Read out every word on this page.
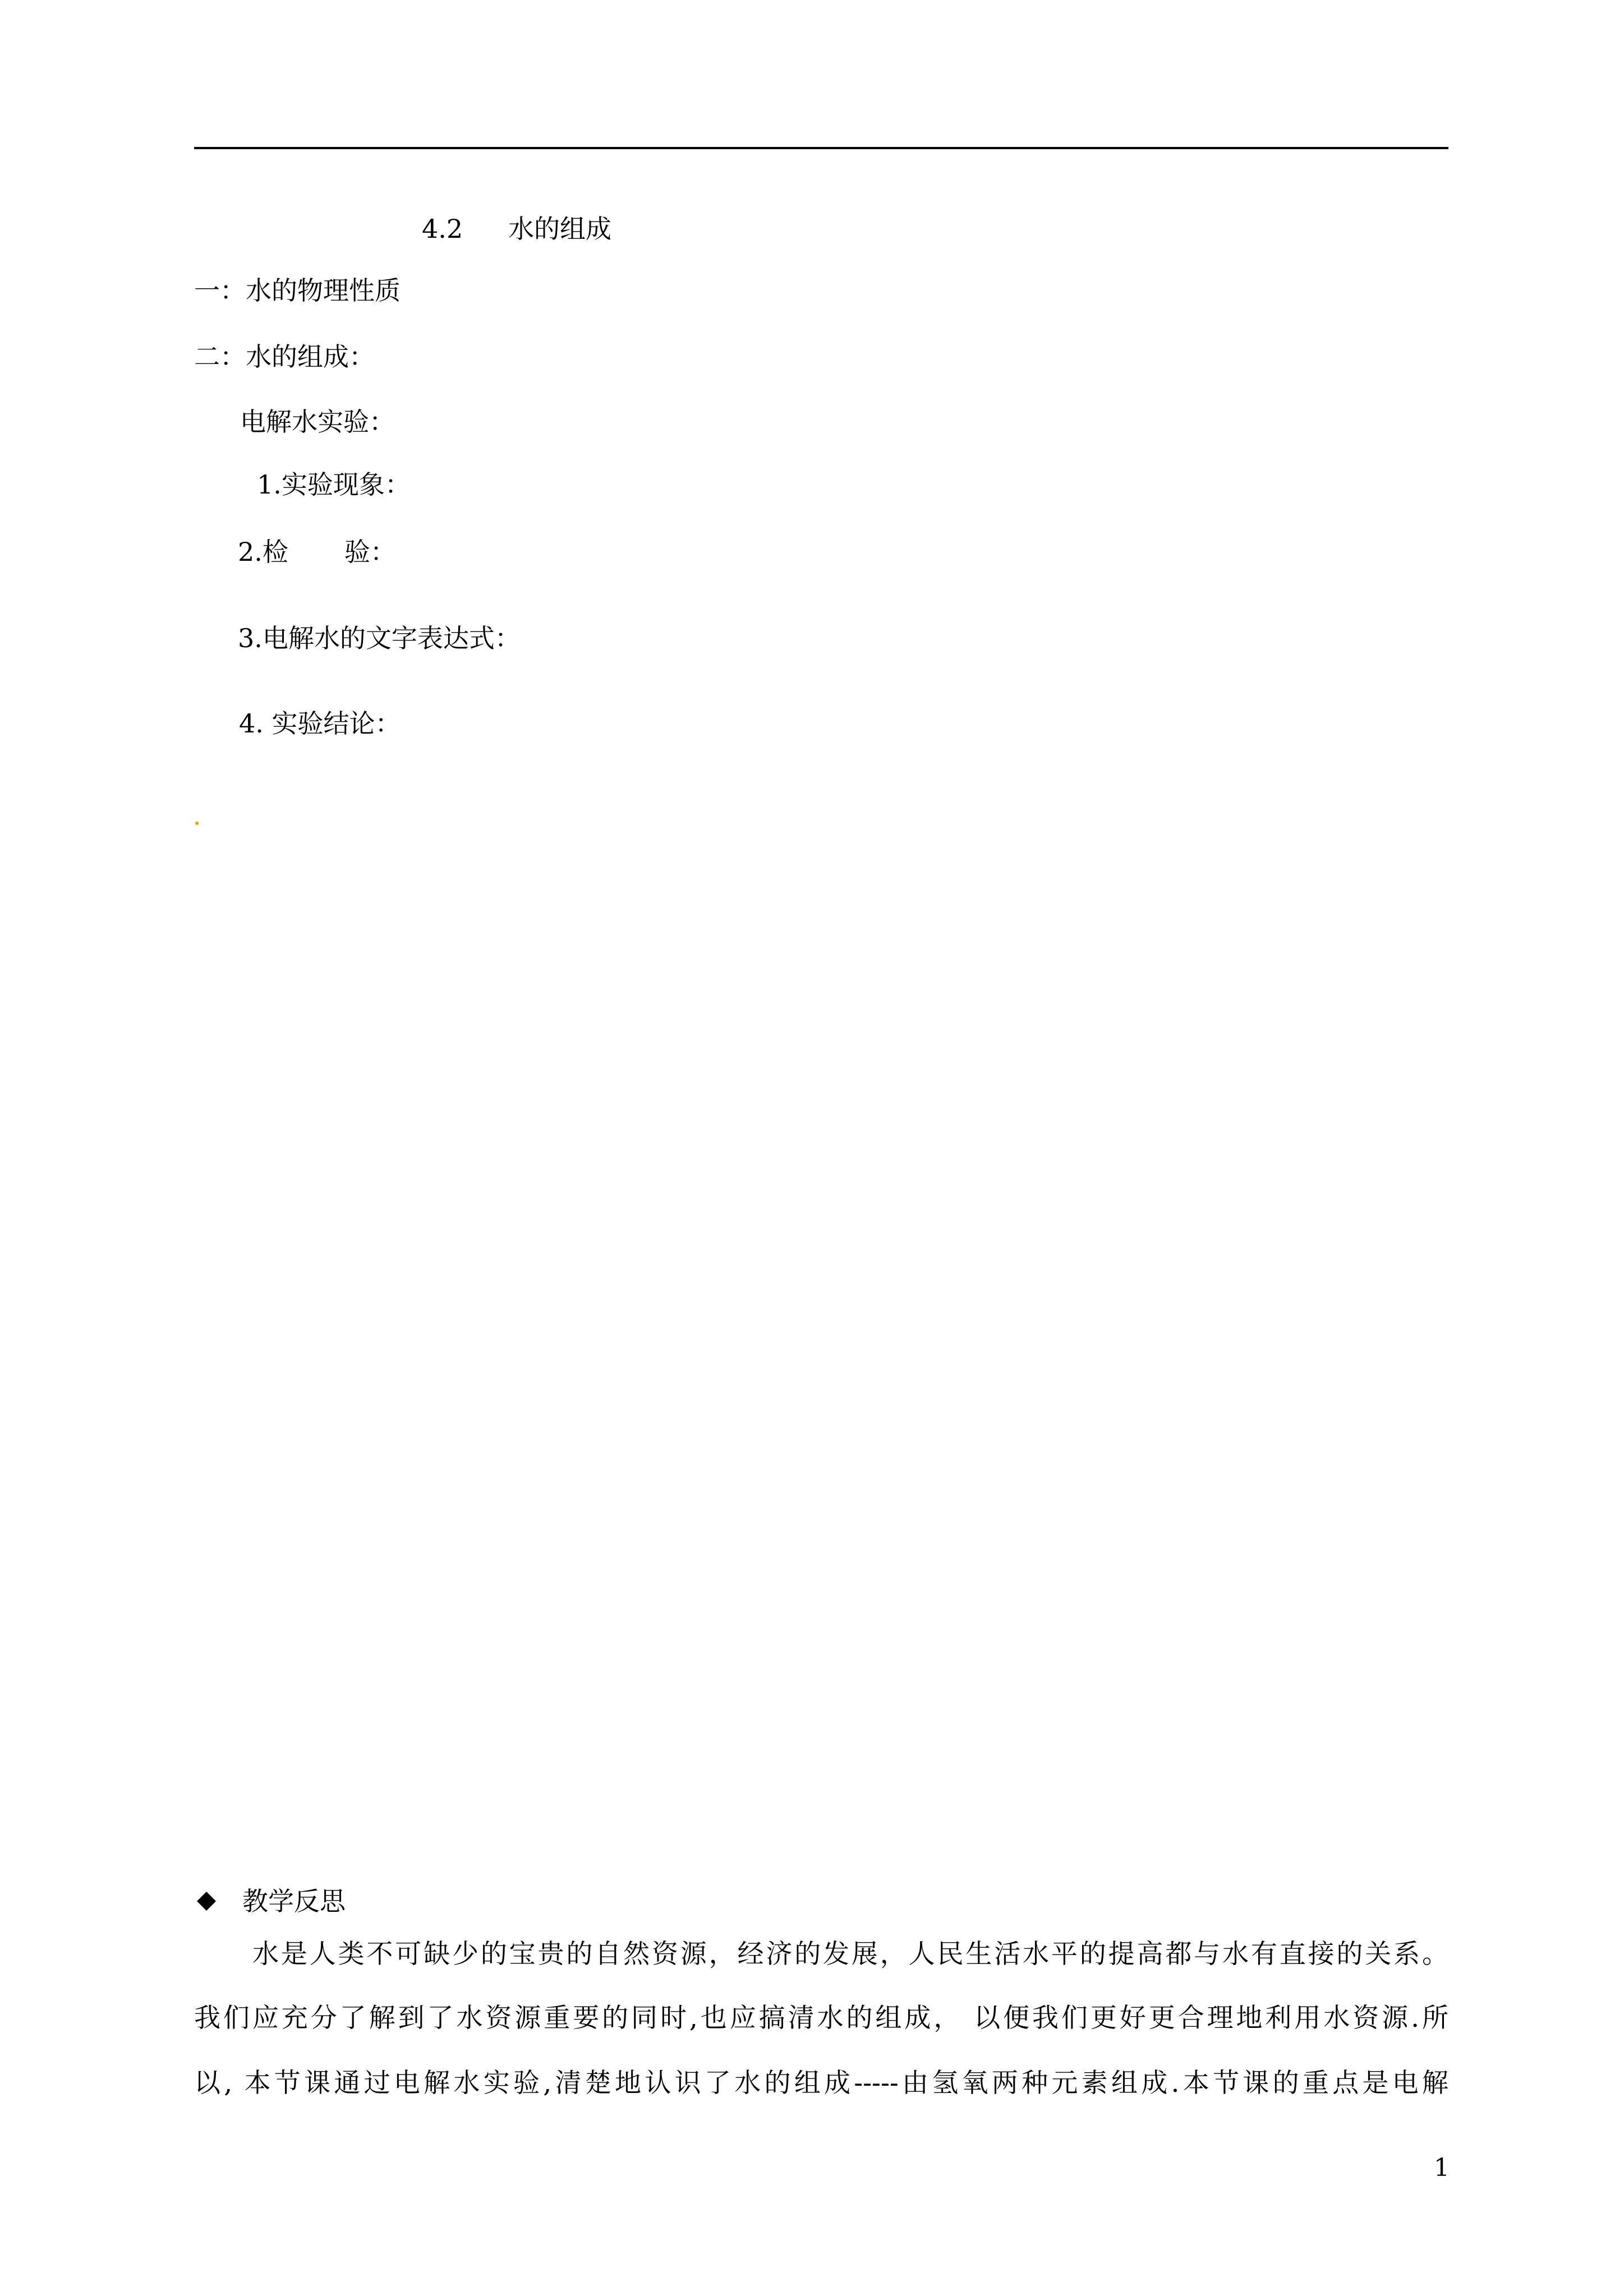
4.2 水的组成
一：水的物理性质
二：水的组成：
电解水实验：
1.实验现象：
2.检 验：
3.电解水的文字表达式：
4. 实验结论：
教学反思
水是人类不可缺少的宝贵的自然资源，经济的发展，人民生活水平的提高都与水有直接的关系。
我们应充分了解到了水资源重要的同时,也应搞清水的组成， 以便我们更好更合理地利用水资源.所
以, 本节课通过电解水实验,清楚地认识了水的组成-----由氢氧两种元素组成.本节课的重点是电解
1
